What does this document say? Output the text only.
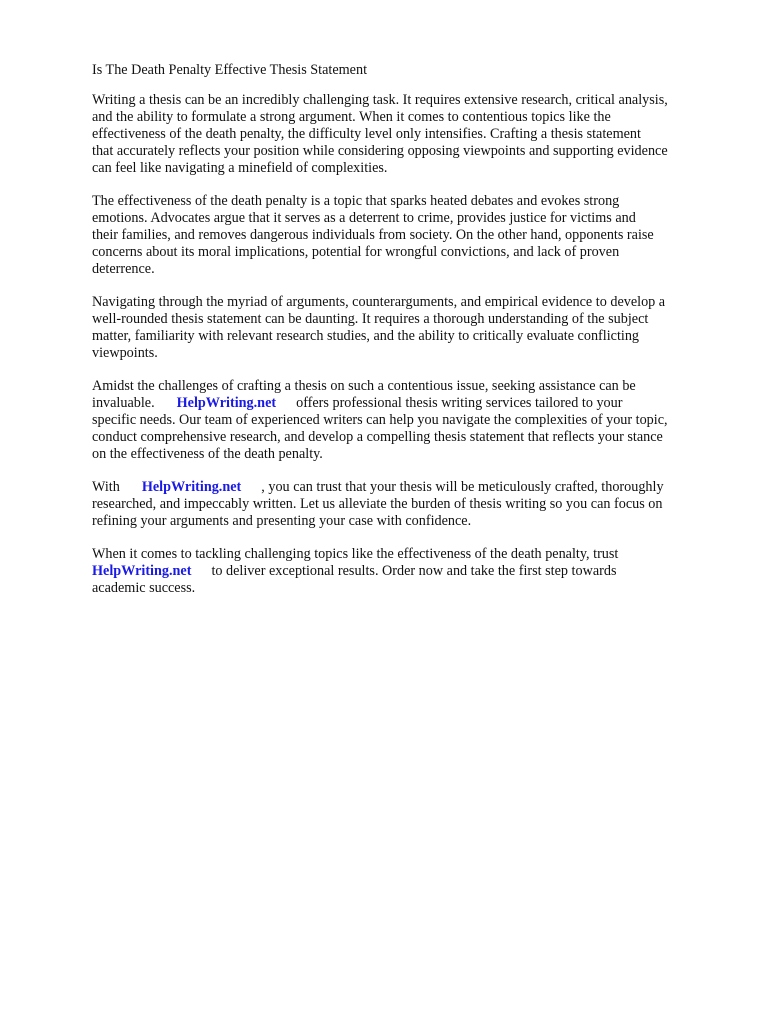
Is The Death Penalty Effective Thesis Statement

Writing a thesis can be an incredibly challenging task. It requires extensive research, critical analysis,
and the ability to formulate a strong argument. When it comes to contentious topics like the
effectiveness of the death penalty, the difficulty level only intensifies. Crafting a thesis statement
that accurately reflects your position while considering opposing viewpoints and supporting evidence
can feel like navigating a minefield of complexities.

The effectiveness of the death penalty is a topic that sparks heated debates and evokes strong
emotions. Advocates argue that it serves as a deterrent to crime, provides justice for victims and
their families, and removes dangerous individuals from society. On the other hand, opponents raise
concerns about its moral implications, potential for wrongful convictions, and lack of proven
deterrence.

Navigating through the myriad of arguments, counterarguments, and empirical evidence to develop a
well-rounded thesis statement can be daunting. It requires a thorough understanding of the subject
matter, familiarity with relevant research studies, and the ability to critically evaluate conflicting
viewpoints.

Amidst the challenges of crafting a thesis on such a contentious issue, seeking assistance can be
invaluable. HelpWriting.net offers professional thesis writing services tailored to your
specific needs. Our team of experienced writers can help you navigate the complexities of your topic,
conduct comprehensive research, and develop a compelling thesis statement that reflects your stance
on the effectiveness of the death penalty.

With HelpWriting.net , you can trust that your thesis will be meticulously crafted, thoroughly
researched, and impeccably written. Let us alleviate the burden of thesis writing so you can focus on
refining your arguments and presenting your case with confidence.

When it comes to tackling challenging topics like the effectiveness of the death penalty, trust
HelpWriting.net to deliver exceptional results. Order now and take the first step towards
academic success.
